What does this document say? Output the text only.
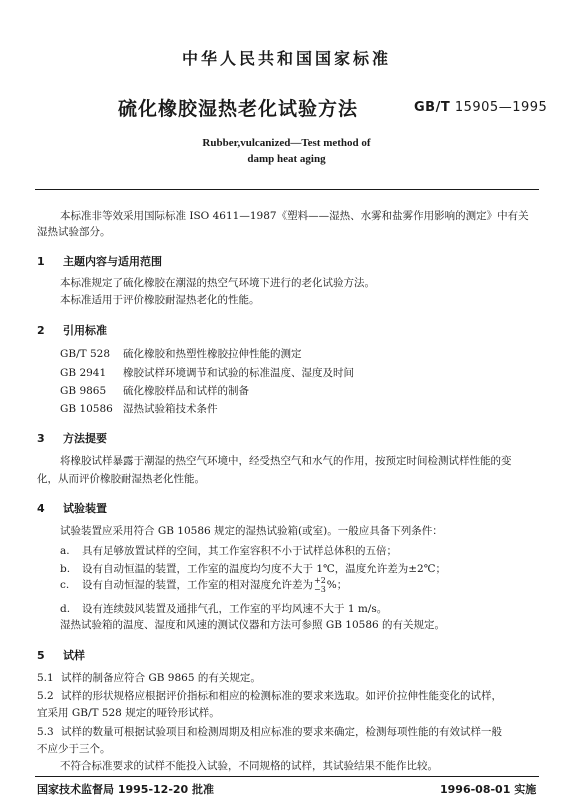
中华人民共和国国家标准
硫化橡胶湿热老化试验方法	GB/T 15905—1995
Rubber,vulcanized—Test method of
damp heat aging
本标准非等效采用国际标准 ISO 4611—1987《塑料——湿热、水雾和盐雾作用影响的测定》中有关
湿热试验部分。
1 主题内容与适用范围
本标准规定了硫化橡胶在潮湿的热空气环境下进行的老化试验方法。
本标准适用于评价橡胶耐湿热老化的性能。
2 引用标准
GB/T 528 硫化橡胶和热塑性橡胶拉伸性能的测定
GB 2941 橡胶试样环境调节和试验的标准温度、湿度及时间
GB 9865 硫化橡胶样品和试样的制备
GB 10586 湿热试验箱技术条件
3 方法提要
将橡胶试样暴露于潮湿的热空气环境中，经受热空气和水气的作用，按预定时间检测试样性能的变
化，从而评价橡胶耐湿热老化性能。
4 试验装置
试验装置应采用符合 GB 10586 规定的湿热试验箱(或室)。一般应具备下列条件：
a. 具有足够放置试样的空间，其工作室容积不小于试样总体积的五倍；
b. 设有自动恒温的装置，工作室的温度均匀度不大于 1℃，温度允许差为±2℃；
c. 设有自动恒湿的装置，工作室的相对湿度允许差为 +2
−3 %；
d. 设有连续鼓风装置及通排气孔，工作室的平均风速不大于 1 m/s。
湿热试验箱的温度、湿度和风速的测试仪器和方法可参照 GB 10586 的有关规定。
5 试样
5.1 试样的制备应符合 GB 9865 的有关规定。
5.2 试样的形状规格应根据评价指标和相应的检测标准的要求来选取。如评价拉伸性能变化的试样，
宜采用 GB/T 528 规定的哑铃形试样。
5.3 试样的数量可根据试验项目和检测周期及相应标准的要求来确定，检测每项性能的有效试样一般
不应少于三个。
不符合标准要求的试样不能投入试验，不同规格的试样，其试验结果不能作比较。
国家技术监督局 1995-12-20 批准	1996-08-01 实施
